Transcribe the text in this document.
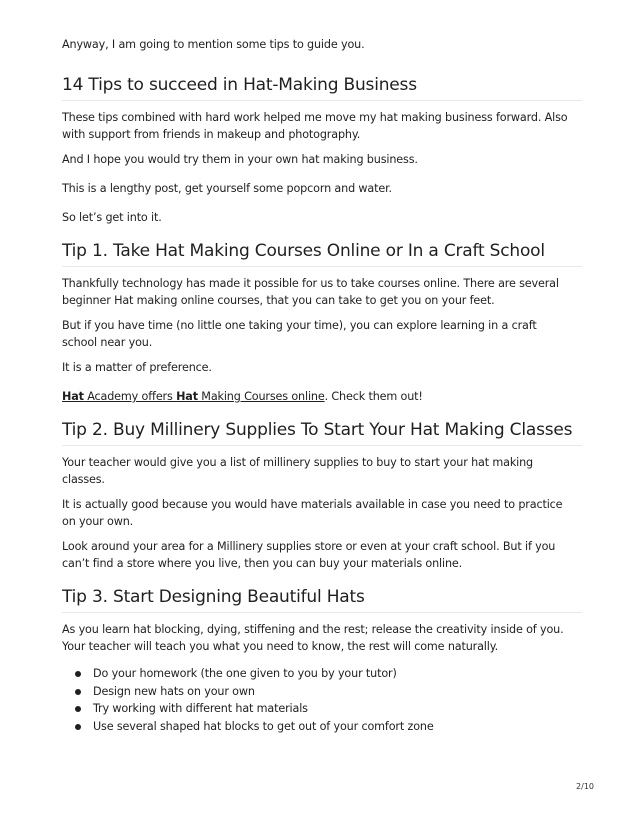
Anyway, I am going to mention some tips to guide you.

14 Tips to succeed in Hat-Making Business

These tips combined with hard work helped me move my hat making business forward. Also with support from friends in makeup and photography.

And I hope you would try them in your own hat making business.

This is a lengthy post, get yourself some popcorn and water.

So let’s get into it.

Tip 1. Take Hat Making Courses Online or In a Craft School

Thankfully technology has made it possible for us to take courses online. There are several beginner Hat making online courses, that you can take to get you on your feet.

But if you have time (no little one taking your time), you can explore learning in a craft school near you.

It is a matter of preference.

Hat Academy offers Hat Making Courses online. Check them out!

Tip 2. Buy Millinery Supplies To Start Your Hat Making Classes

Your teacher would give you a list of millinery supplies to buy to start your hat making classes.

It is actually good because you would have materials available in case you need to practice on your own.

Look around your area for a Millinery supplies store or even at your craft school. But if you can’t find a store where you live, then you can buy your materials online.

Tip 3. Start Designing Beautiful Hats

As you learn hat blocking, dying, stiffening and the rest; release the creativity inside of you. Your teacher will teach you what you need to know, the rest will come naturally.

Do your homework (the one given to you by your tutor)
Design new hats on your own
Try working with different hat materials
Use several shaped hat blocks to get out of your comfort zone
2/10
